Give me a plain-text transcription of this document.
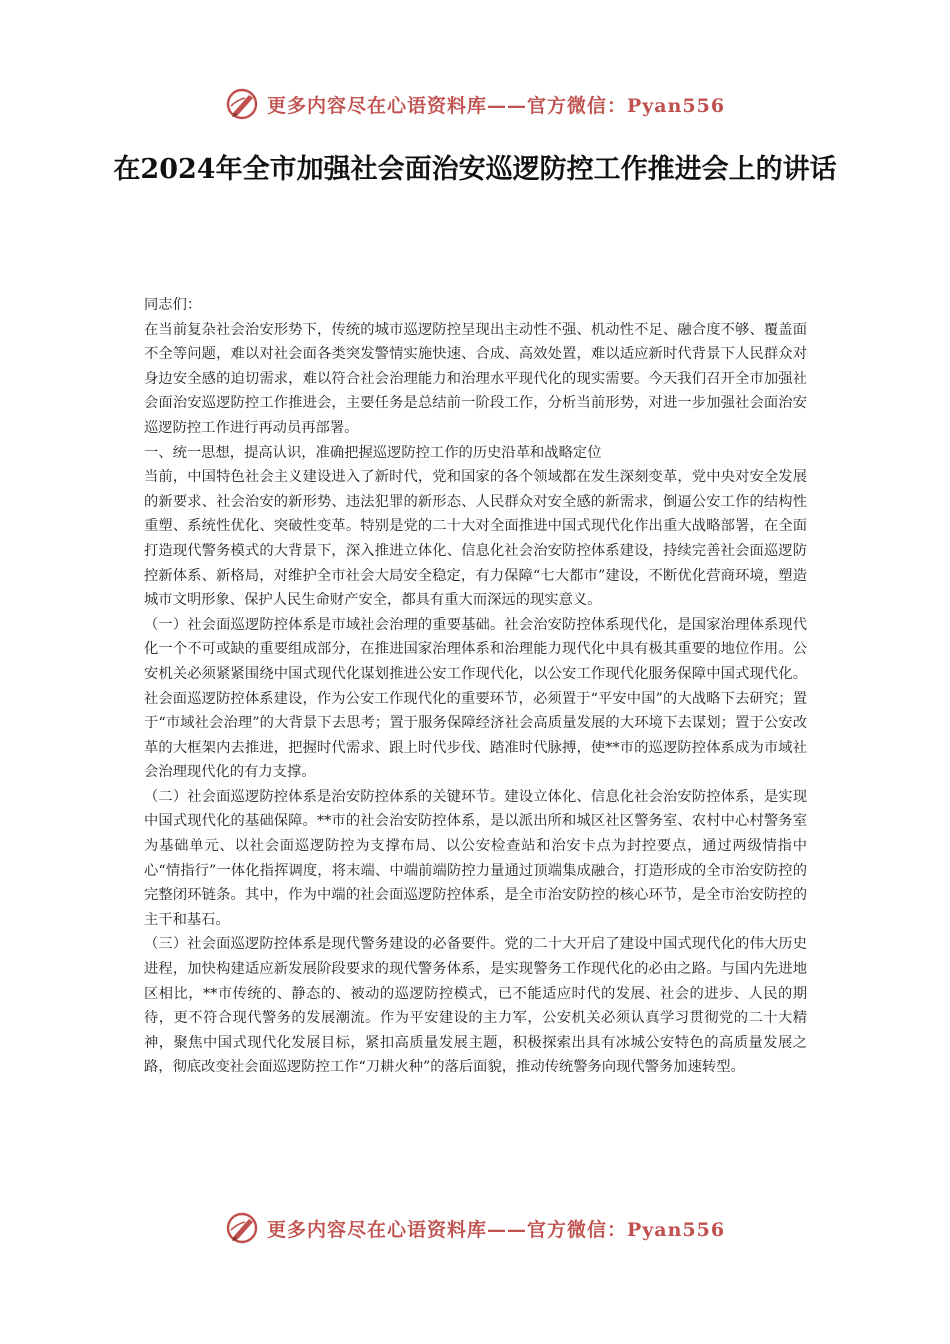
更多内容尽在心语资料库——官方微信：Pyan556
在2024年全市加强社会面治安巡逻防控工作推进会上的讲话

同志们：

在当前复杂社会治安形势下，传统的城市巡逻防控呈现出主动性不强、机动性不足、融合度不够、覆盖面不全等问题，难以对社会面各类突发警情实施快速、合成、高效处置，难以适应新时代背景下人民群众对身边安全感的迫切需求，难以符合社会治理能力和治理水平现代化的现实需要。今天我们召开全市加强社会面治安巡逻防控工作推进会，主要任务是总结前一阶段工作，分析当前形势，对进一步加强社会面治安巡逻防控工作进行再动员再部署。

一、统一思想，提高认识，准确把握巡逻防控工作的历史沿革和战略定位

当前，中国特色社会主义建设进入了新时代，党和国家的各个领域都在发生深刻变革，党中央对安全发展的新要求、社会治安的新形势、违法犯罪的新形态、人民群众对安全感的新需求，倒逼公安工作的结构性重塑、系统性优化、突破性变革。特别是党的二十大对全面推进中国式现代化作出重大战略部署，在全面打造现代警务模式的大背景下，深入推进立体化、信息化社会治安防控体系建设，持续完善社会面巡逻防控新体系、新格局，对维护全市社会大局安全稳定，有力保障“七大都市”建设，不断优化营商环境，塑造城市文明形象、保护人民生命财产安全，都具有重大而深远的现实意义。

（一）社会面巡逻防控体系是市域社会治理的重要基础。社会治安防控体系现代化，是国家治理体系现代化一个不可或缺的重要组成部分，在推进国家治理体系和治理能力现代化中具有极其重要的地位作用。公安机关必须紧紧围绕中国式现代化谋划推进公安工作现代化，以公安工作现代化服务保障中国式现代化。社会面巡逻防控体系建设，作为公安工作现代化的重要环节，必须置于“平安中国”的大战略下去研究；置于“市域社会治理”的大背景下去思考；置于服务保障经济社会高质量发展的大环境下去谋划；置于公安改革的大框架内去推进，把握时代需求、跟上时代步伐、踏准时代脉搏，使**市的巡逻防控体系成为市域社会治理现代化的有力支撑。

（二）社会面巡逻防控体系是治安防控体系的关键环节。建设立体化、信息化社会治安防控体系，是实现中国式现代化的基础保障。**市的社会治安防控体系，是以派出所和城区社区警务室、农村中心村警务室为基础单元、以社会面巡逻防控为支撑布局、以公安检查站和治安卡点为封控要点，通过两级情指中心“情指行”一体化指挥调度，将末端、中端前端防控力量通过顶端集成融合，打造形成的全市治安防控的完整闭环链条。其中，作为中端的社会面巡逻防控体系，是全市治安防控的核心环节，是全市治安防控的主干和基石。

（三）社会面巡逻防控体系是现代警务建设的必备要件。党的二十大开启了建设中国式现代化的伟大历史进程，加快构建适应新发展阶段要求的现代警务体系，是实现警务工作现代化的必由之路。与国内先进地区相比，**市传统的、静态的、被动的巡逻防控模式，已不能适应时代的发展、社会的进步、人民的期待，更不符合现代警务的发展潮流。作为平安建设的主力军，公安机关必须认真学习贯彻党的二十大精神，聚焦中国式现代化发展目标，紧扣高质量发展主题，积极探索出具有冰城公安特色的高质量发展之路，彻底改变社会面巡逻防控工作“刀耕火种”的落后面貌，推动传统警务向现代警务加速转型。

更多内容尽在心语资料库——官方微信：Pyan556
